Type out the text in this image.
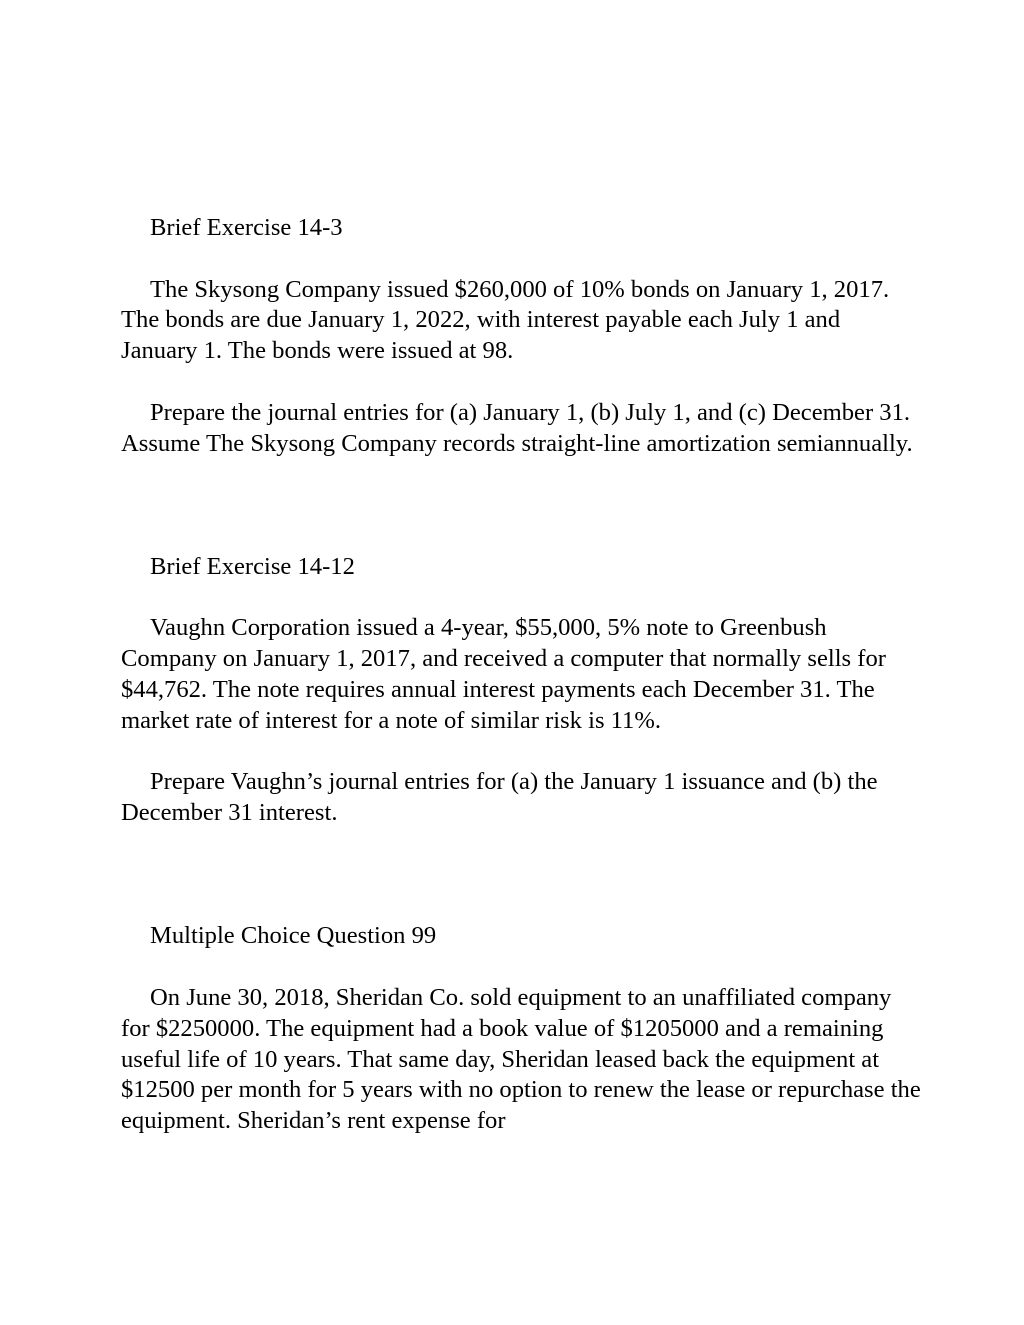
Brief Exercise 14-3

The Skysong Company issued $260,000 of 10% bonds on January 1, 2017. The bonds are due January 1, 2022, with interest payable each July 1 and January 1. The bonds were issued at 98.

Prepare the journal entries for (a) January 1, (b) July 1, and (c) December 31. Assume The Skysong Company records straight-line amortization semiannually.

Brief Exercise 14-12

Vaughn Corporation issued a 4-year, $55,000, 5% note to Greenbush Company on January 1, 2017, and received a computer that normally sells for $44,762. The note requires annual interest payments each December 31. The market rate of interest for a note of similar risk is 11%.

Prepare Vaughn’s journal entries for (a) the January 1 issuance and (b) the December 31 interest.

Multiple Choice Question 99

On June 30, 2018, Sheridan Co. sold equipment to an unaffiliated company for $2250000. The equipment had a book value of $1205000 and a remaining useful life of 10 years. That same day, Sheridan leased back the equipment at $12500 per month for 5 years with no option to renew the lease or repurchase the equipment. Sheridan’s rent expense for
